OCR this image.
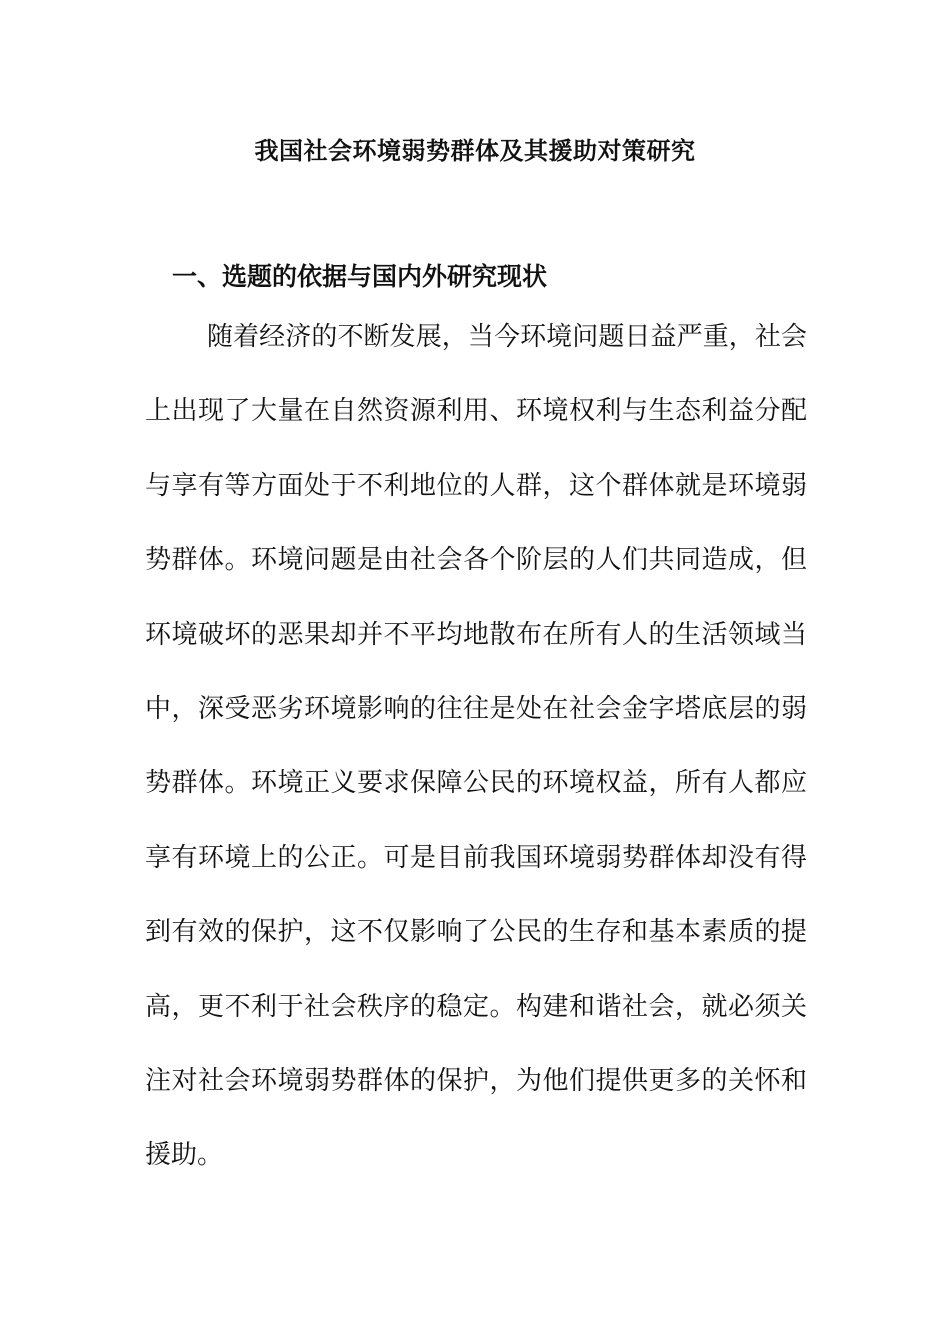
我国社会环境弱势群体及其援助对策研究
一、选题的依据与国内外研究现状
随着经济的不断发展，当今环境问题日益严重，社会
上出现了大量在自然资源利用、环境权利与生态利益分配
与享有等方面处于不利地位的人群，这个群体就是环境弱
势群体。环境问题是由社会各个阶层的人们共同造成，但
环境破坏的恶果却并不平均地散布在所有人的生活领域当
中，深受恶劣环境影响的往往是处在社会金字塔底层的弱
势群体。环境正义要求保障公民的环境权益，所有人都应
享有环境上的公正。可是目前我国环境弱势群体却没有得
到有效的保护，这不仅影响了公民的生存和基本素质的提
高，更不利于社会秩序的稳定。构建和谐社会，就必须关
注对社会环境弱势群体的保护，为他们提供更多的关怀和
援助。
